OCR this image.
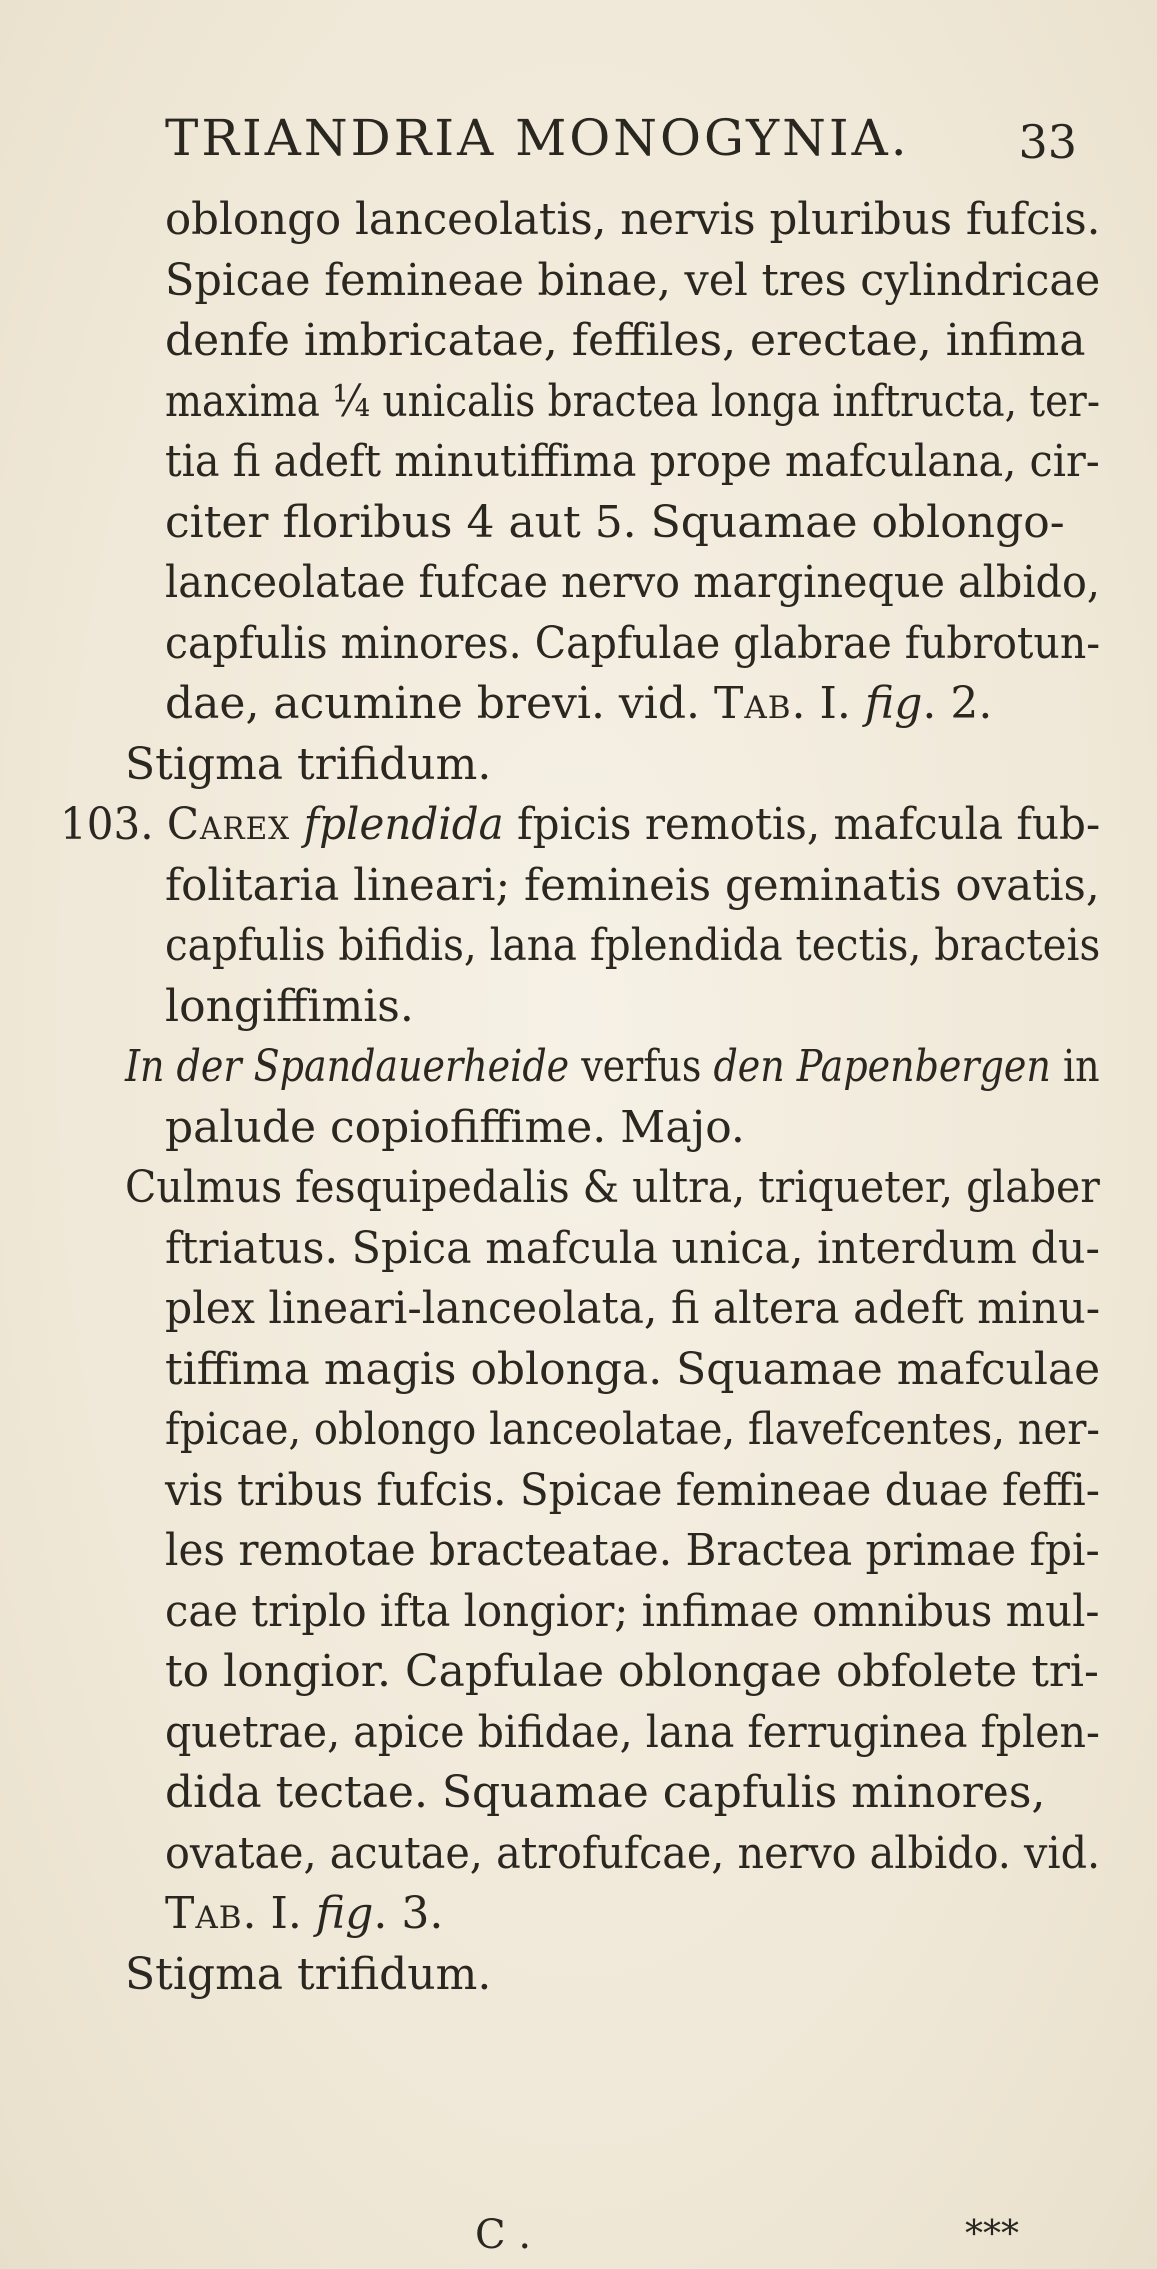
TRIANDRIA MONOGYNIA. 33
oblongo lanceolatis, nervis pluribus fufcis.
Spicae femineae binae, vel tres cylindricae
denfe imbricatae, feffiles, erectae, infima
maxima ¼ unicalis bractea longa inftructa, ter-
tia fi adeft minutiffima prope mafculana, cir-
citer floribus 4 aut 5. Squamae oblongo-
lanceolatae fufcae nervo margineque albido,
capfulis minores. Capfulae glabrae fubrotun-
dae, acumine brevi. vid. Tab. I. fig. 2.
Stigma trifidum.
103. Carex fplendida fpicis remotis, mafcula fub-
folitaria lineari; femineis geminatis ovatis,
capfulis bifidis, lana fplendida tectis, bracteis
longiffimis.
In der Spandauerheide verfus den Papenbergen in
palude copiofiffime. Majo.
Culmus fesquipedalis & ultra, triqueter, glaber
ftriatus. Spica mafcula unica, interdum du-
plex lineari-lanceolata, fi altera adeft minu-
tiffima magis oblonga. Squamae mafculae
fpicae, oblongo lanceolatae, flavefcentes, ner-
vis tribus fufcis. Spicae femineae duae feffi-
les remotae bracteatae. Bractea primae fpi-
cae triplo ifta longior; infimae omnibus mul-
to longior. Capfulae oblongae obfolete tri-
quetrae, apice bifidae, lana ferruginea fplen-
dida tectae. Squamae capfulis minores,
ovatae, acutae, atrofufcae, nervo albido. vid.
Tab. I. fig. 3.
Stigma trifidum.
C .	***
